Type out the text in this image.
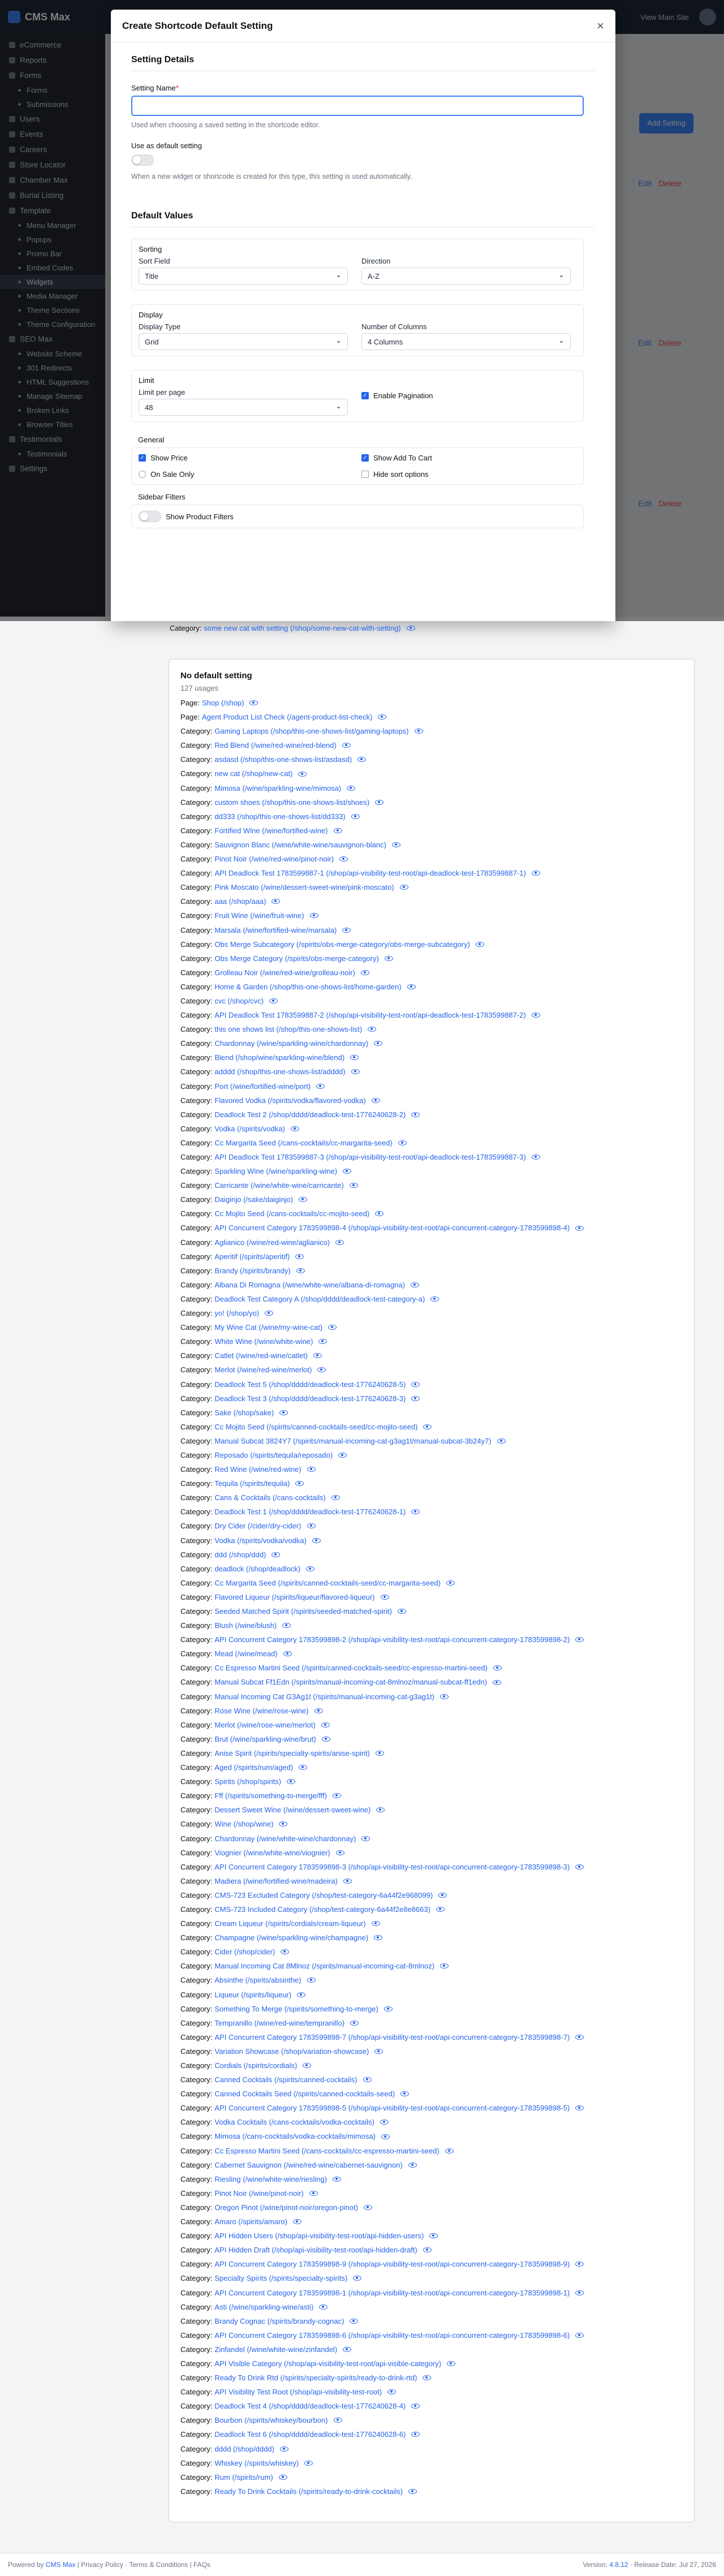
Create Shortcode Default Setting	×
Setting Details
Setting Name*
Used when choosing a saved setting in the shortcode editor.
Use as default setting
When a new widget or shortcode is created for this type, this setting is used automatically.
Default Values
Sorting
Sort Field
Title
⌄
Direction
A-Z
⌄
Display
Display Type
Grid
⌄
Number of Columns
4 Columns
⌄
Limit
Limit per page
48
⌄
✓ Enable Pagination
General
✓ Show Price	✓ Show Add To Cart
On Sale Only	Hide sort options
Sidebar Filters
Show Product Filters
Category: some new cat with setting (/shop/some-new-cat-with-setting)
No default setting
127 usages
Page: Shop (/shop)
Page: Agent Product List Check (/agent-product-list-check)
Category: Gaming Laptops (/shop/this-one-shows-list/gaming-laptops)
Category: Red Blend (/wine/red-wine/red-blend)
Category: asdasd (/shop/this-one-shows-list/asdasd)
Category: new cat (/shop/new-cat)
Category: Mimosa (/wine/sparkling-wine/mimosa)
Category: custom shoes (/shop/this-one-shows-list/shoes)
Category: dd333 (/shop/this-one-shows-list/dd333)
Category: Fortified Wine (/wine/fortified-wine)
Category: Sauvignon Blanc (/wine/white-wine/sauvignon-blanc)
Category: Pinot Noir (/wine/red-wine/pinot-noir)
Category: API Deadlock Test 1783599887-1 (/shop/api-visibility-test-root/api-deadlock-test-1783599887-1)
Category: Pink Moscato (/wine/dessert-sweet-wine/pink-moscato)
Category: aaa (/shop/aaa)
Category: Fruit Wine (/wine/fruit-wine)
Category: Marsala (/wine/fortified-wine/marsala)
Category: Obs Merge Subcategory (/spirits/obs-merge-category/obs-merge-subcategory)
Category: Obs Merge Category (/spirits/obs-merge-category)
Category: Grolleau Noir (/wine/red-wine/grolleau-noir)
Category: Home & Garden (/shop/this-one-shows-list/home-garden)
Category: cvc (/shop/cvc)
Category: API Deadlock Test 1783599887-2 (/shop/api-visibility-test-root/api-deadlock-test-1783599887-2)
Category: this one shows list (/shop/this-one-shows-list)
Category: Chardonnay (/wine/sparkling-wine/chardonnay)
Category: Blend (/shop/wine/sparkling-wine/blend)
Category: adddd (/shop/this-one-shows-list/adddd)
Category: Port (/wine/fortified-wine/port)
Category: Flavored Vodka (/spirits/vodka/flavored-vodka)
Category: Deadlock Test 2 (/shop/dddd/deadlock-test-1776240628-2)
Category: Vodka (/spirits/vodka)
Category: Cc Margarita Seed (/cans-cocktails/cc-margarita-seed)
Category: API Deadlock Test 1783599887-3 (/shop/api-visibility-test-root/api-deadlock-test-1783599887-3)
Category: Sparkling Wine (/wine/sparkling-wine)
Category: Carricante (/wine/white-wine/carricante)
Category: Daiginjo (/sake/daiginjo)
Category: Cc Mojito Seed (/cans-cocktails/cc-mojito-seed)
Category: API Concurrent Category 1783599898-4 (/shop/api-visibility-test-root/api-concurrent-category-1783599898-4)
Category: Aglianico (/wine/red-wine/aglianico)
Category: Aperitif (/spirits/aperitif)
Category: Brandy (/spirits/brandy)
Category: Albana Di Romagna (/wine/white-wine/albana-di-romagna)
Category: Deadlock Test Category A (/shop/dddd/deadlock-test-category-a)
Category: yo! (/shop/yo)
Category: My Wine Cat (/wine/my-wine-cat)
Category: White Wine (/wine/white-wine)
Category: Catlet (/wine/red-wine/catlet)
Category: Merlot (/wine/red-wine/merlot)
Category: Deadlock Test 5 (/shop/dddd/deadlock-test-1776240628-5)
Category: Deadlock Test 3 (/shop/dddd/deadlock-test-1776240628-3)
Category: Sake (/shop/sake)
Category: Cc Mojito Seed (/spirits/canned-cocktails-seed/cc-mojito-seed)
Category: Manual Subcat 3824Y7 (/spirits/manual-incoming-cat-g3ag1t/manual-subcat-3b24y7)
Category: Reposado (/spirits/tequila/reposado)
Category: Red Wine (/wine/red-wine)
Category: Tequila (/spirits/tequila)
Category: Cans & Cocktails (/cans-cocktails)
Category: Deadlock Test 1 (/shop/dddd/deadlock-test-1776240628-1)
Category: Dry Cider (/cider/dry-cider)
Category: Vodka (/spirits/vodka/vodka)
Category: ddd (/shop/ddd)
Category: deadlock (/shop/deadlock)
Category: Cc Margarita Seed (/spirits/canned-cocktails-seed/cc-margarita-seed)
Category: Flavored Liqueur (/spirits/liqueur/flavored-liqueur)
Category: Seeded Matched Spirit (/spirits/seeded-matched-spirit)
Category: Blush (/wine/blush)
Category: API Concurrent Category 1783599898-2 (/shop/api-visibility-test-root/api-concurrent-category-1783599898-2)
Category: Mead (/wine/mead)
Category: Cc Espresso Martini Seed (/spirits/canned-cocktails-seed/cc-espresso-martini-seed)
Category: Manual Subcat Ff1Edn (/spirits/manual-incoming-cat-8mlnoz/manual-subcat-ff1edn)
Category: Manual Incoming Cat G3Ag1t (/spirits/manual-incoming-cat-g3ag1t)
Category: Rose Wine (/wine/rose-wine)
Category: Merlot (/wine/rose-wine/merlot)
Category: Brut (/wine/sparkling-wine/brut)
Category: Anise Spirit (/spirits/specialty-spirits/anise-spirit)
Category: Aged (/spirits/rum/aged)
Category: Spirits (/shop/spirits)
Category: Fff (/spirits/something-to-merge/fff)
Category: Dessert Sweet Wine (/wine/dessert-sweet-wine)
Category: Wine (/shop/wine)
Category: Chardonnay (/wine/white-wine/chardonnay)
Category: Viognier (/wine/white-wine/viognier)
Category: API Concurrent Category 1783599898-3 (/shop/api-visibility-test-root/api-concurrent-category-1783599898-3)
Category: Madiera (/wine/fortified-wine/madeira)
Category: CMS-723 Excluded Category (/shop/test-category-6a44f2e968099)
Category: CMS-723 Included Category (/shop/test-category-6a44f2e8e8663)
Category: Cream Liqueur (/spirits/cordials/cream-liqueur)
Category: Champagne (/wine/sparkling-wine/champagne)
Category: Cider (/shop/cider)
Category: Manual Incoming Cat 8Mlnoz (/spirits/manual-incoming-cat-8mlnoz)
Category: Absinthe (/spirits/absinthe)
Category: Liqueur (/spirits/liqueur)
Category: Something To Merge (/spirits/something-to-merge)
Category: Tempranillo (/wine/red-wine/tempranillo)
Category: API Concurrent Category 1783599898-7 (/shop/api-visibility-test-root/api-concurrent-category-1783599898-7)
Category: Variation Showcase (/shop/variation-showcase)
Category: Cordials (/spirits/cordials)
Category: Canned Cocktails (/spirits/canned-cocktails)
Category: Canned Cocktails Seed (/spirits/canned-cocktails-seed)
Category: API Concurrent Category 1783599898-5 (/shop/api-visibility-test-root/api-concurrent-category-1783599898-5)
Category: Vodka Cocktails (/cans-cocktails/vodka-cocktails)
Category: Mimosa (/cans-cocktails/vodka-cocktails/mimosa)
Category: Cc Espresso Martini Seed (/cans-cocktails/cc-espresso-martini-seed)
Category: Cabernet Sauvignon (/wine/red-wine/cabernet-sauvignon)
Category: Riesling (/wine/white-wine/riesling)
Category: Pinot Noir (/wine/pinot-noir)
Category: Oregon Pinot (/wine/pinot-noir/oregon-pinot)
Category: Amaro (/spirits/amaro)
Category: API Hidden Users (/shop/api-visibility-test-root/api-hidden-users)
Category: API Hidden Draft (/shop/api-visibility-test-root/api-hidden-draft)
Category: API Concurrent Category 1783599898-9 (/shop/api-visibility-test-root/api-concurrent-category-1783599898-9)
Category: Specialty Spirits (/spirits/specialty-spirits)
Category: API Concurrent Category 1783599898-1 (/shop/api-visibility-test-root/api-concurrent-category-1783599898-1)
Category: Asti (/wine/sparkling-wine/asti)
Category: Brandy Cognac (/spirits/brandy-cognac)
Category: API Concurrent Category 1783599898-6 (/shop/api-visibility-test-root/api-concurrent-category-1783599898-6)
Category: Zinfandel (/wine/white-wine/zinfandel)
Category: API Visible Category (/shop/api-visibility-test-root/api-visible-category)
Category: Ready To Drink Rtd (/spirits/specialty-spirits/ready-to-drink-rtd)
Category: API Visibility Test Root (/shop/api-visibility-test-root)
Category: Deadlock Test 4 (/shop/dddd/deadlock-test-1776240628-4)
Category: Bourbon (/spirits/whiskey/bourbon)
Category: Deadlock Test 6 (/shop/dddd/deadlock-test-1776240628-6)
Category: dddd (/shop/dddd)
Category: Whiskey (/spirits/whiskey)
Category: Rum (/spirits/rum)
Category: Ready To Drink Cocktails (/spirits/ready-to-drink-cocktails)
Powered by
CMS Max
| Privacy Policy · Terms & Conditions | FAQs	Version: 4.8.12 · Release Date: Jul 27, 2026
